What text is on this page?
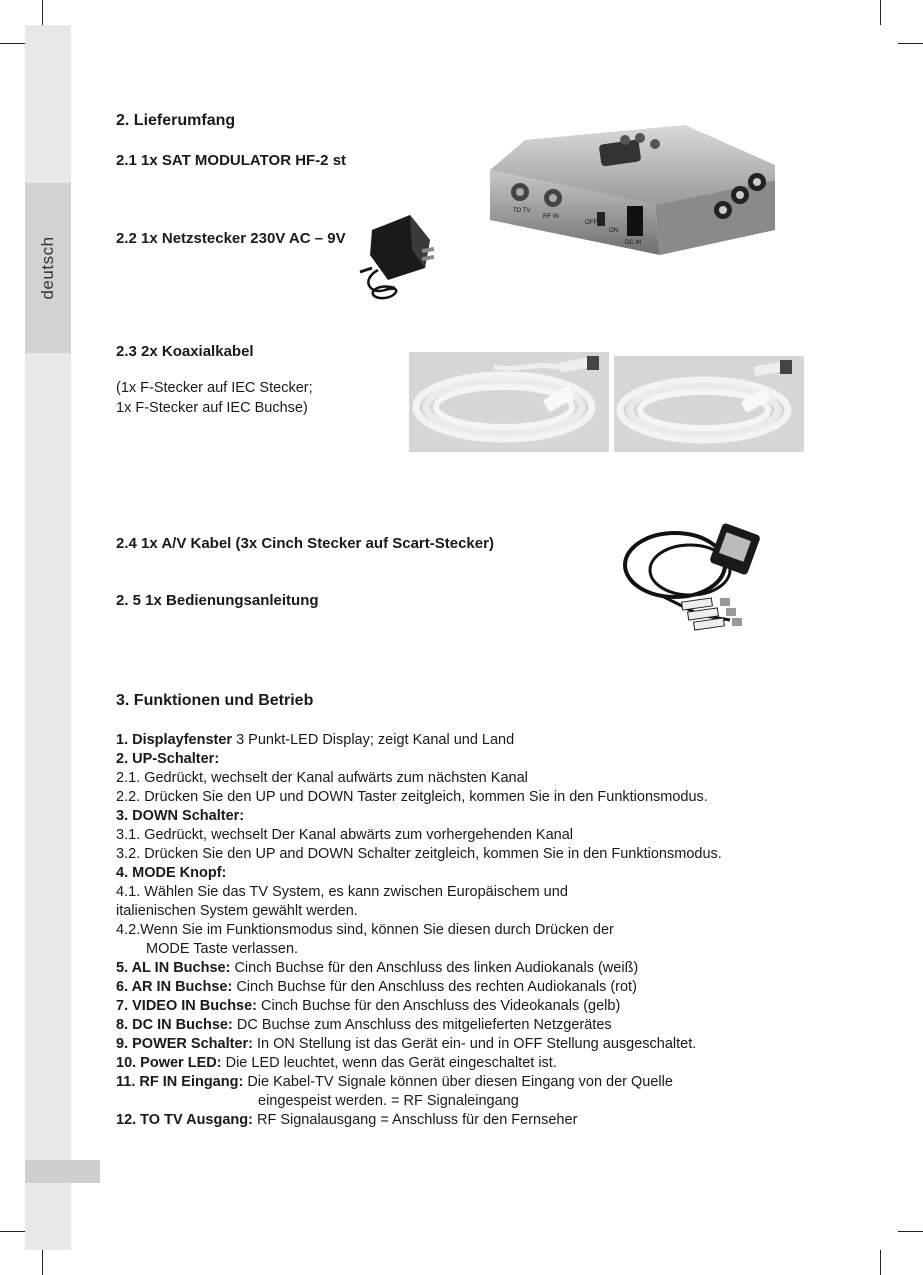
deutsch
2. Lieferumfang
2.1 1x SAT MODULATOR HF-2 st
2.2 1x Netzstecker 230V AC – 9V
2.3 2x Koaxialkabel
(1x F-Stecker auf IEC Stecker;
1x F-Stecker auf IEC Buchse)
2.4 1x A/V Kabel (3x Cinch Stecker auf Scart-Stecker)
2. 5 1x Bedienungsanleitung
TO TV
RF IN
OFF
ON
DC IN
3. Funktionen und Betrieb
1. Displayfenster 3 Punkt-LED Display; zeigt Kanal und Land
2. UP-Schalter:
2.1. Gedrückt, wechselt der Kanal aufwärts zum nächsten Kanal
2.2. Drücken Sie den UP und DOWN Taster zeitgleich, kommen Sie in den Funktionsmodus.
3. DOWN Schalter:
3.1. Gedrückt, wechselt Der Kanal abwärts zum vorhergehenden Kanal
3.2. Drücken Sie den UP and DOWN Schalter zeitgleich, kommen Sie in den Funktionsmodus.
4. MODE Knopf:
4.1. Wählen Sie das TV System, es kann zwischen Europäischem und
italienischen System gewählt werden.
4.2.Wenn Sie im Funktionsmodus sind, können Sie diesen durch Drücken der
MODE Taste verlassen.
5. AL IN Buchse: Cinch Buchse für den Anschluss des linken Audiokanals (weiß)
6. AR IN Buchse: Cinch Buchse für den Anschluss des rechten Audiokanals (rot)
7. VIDEO IN Buchse: Cinch Buchse für den Anschluss des Videokanals (gelb)
8. DC IN Buchse: DC Buchse zum Anschluss des mitgelieferten Netzgerätes
9. POWER Schalter: In ON Stellung ist das Gerät ein- und in OFF Stellung ausgeschaltet.
10. Power LED: Die LED leuchtet, wenn das Gerät eingeschaltet ist.
11. RF IN Eingang: Die Kabel-TV Signale können über diesen Eingang von der Quelle
eingespeist werden. = RF Signaleingang
12. TO TV Ausgang: RF Signalausgang = Anschluss für den Fernseher
